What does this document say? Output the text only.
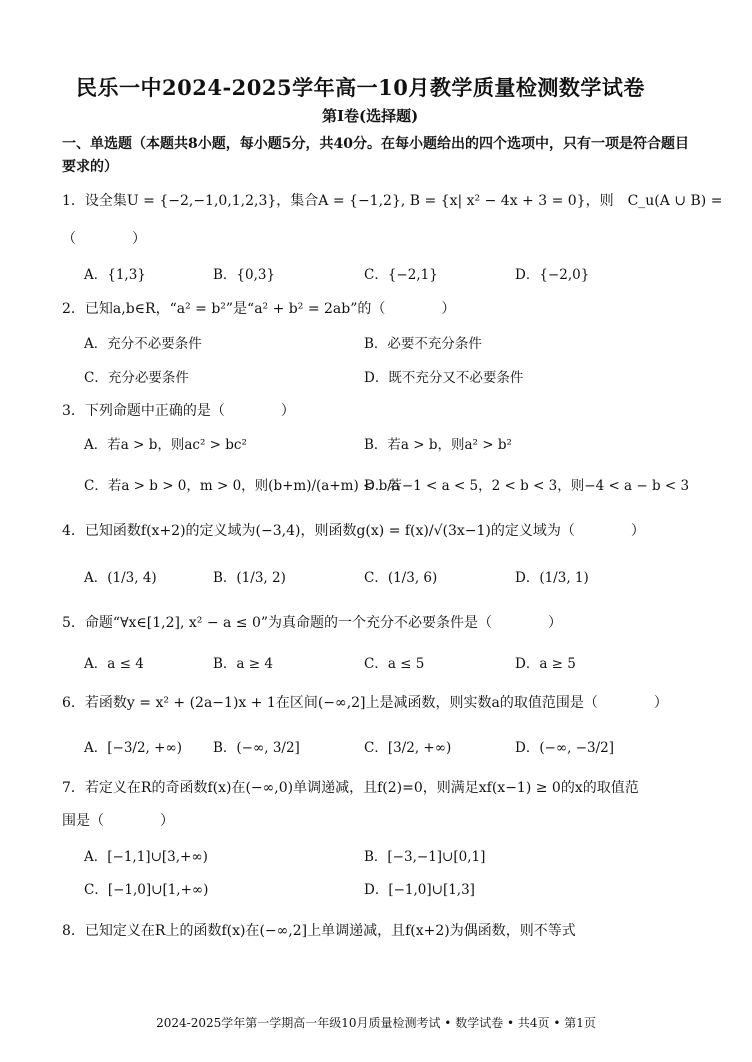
民乐一中2024-2025学年高一10月教学质量检测数学试卷
第Ⅰ卷(选择题)
一、单选题（本题共8小题，每小题5分，共40分。在每小题给出的四个选项中，只有一项是符合题目要求的）
1．设全集U = {−2,−1,0,1,2,3}，集合A = {−1,2}, B = {x| x² − 4x + 3 = 0}，则　C_u(A ∪ B) =
（　　　　）
A．{1,3}	B．{0,3}	C．{−2,1}	D．{−2,0}
2．已知a,b∈R，“a² = b²”是“a² + b² = 2ab”的（　　　　）
A．充分不必要条件	B．必要不充分条件
C．充分必要条件	D．既不充分又不必要条件
3．下列命题中正确的是（　　　　）
A．若a > b，则ac² > bc²	B．若a > b，则a² > b²
C．若a > b > 0，m > 0，则(b+m)/(a+m) < b/a
D．若−1 < a < 5，2 < b < 3，则−4 < a − b < 3
4．已知函数f(x+2)的定义域为(−3,4)，则函数g(x) = f(x)/√(3x−1)的定义域为（　　　　）
A．(1/3, 4)	B．(1/3, 2)	C．(1/3, 6)	D．(1/3, 1)
5．命题“∀x∈[1,2], x² − a ≤ 0”为真命题的一个充分不必要条件是（　　　　）
A．a ≤ 4	B．a ≥ 4	C．a ≤ 5	D．a ≥ 5
6．若函数y = x² + (2a−1)x + 1在区间(−∞,2]上是减函数，则实数a的取值范围是（　　　　）
A．[−3/2, +∞) B．(−∞, 3/2]	C．[3/2, +∞)	D．(−∞, −3/2]
7．若定义在R的奇函数f(x)在(−∞,0)单调递减，且f(2)=0，则满足xf(x−1) ≥ 0的x的取值范
围是（　　　　）
A．[−1,1]∪[3,+∞)	B．[−3,−1]∪[0,1]
C．[−1,0]∪[1,+∞)	D．[−1,0]∪[1,3]
8．已知定义在R上的函数f(x)在(−∞,2]上单调递减，且f(x+2)为偶函数，则不等式
2024-2025学年第一学期高一年级10月质量检测考试 • 数学试卷 • 共4页 • 第1页
